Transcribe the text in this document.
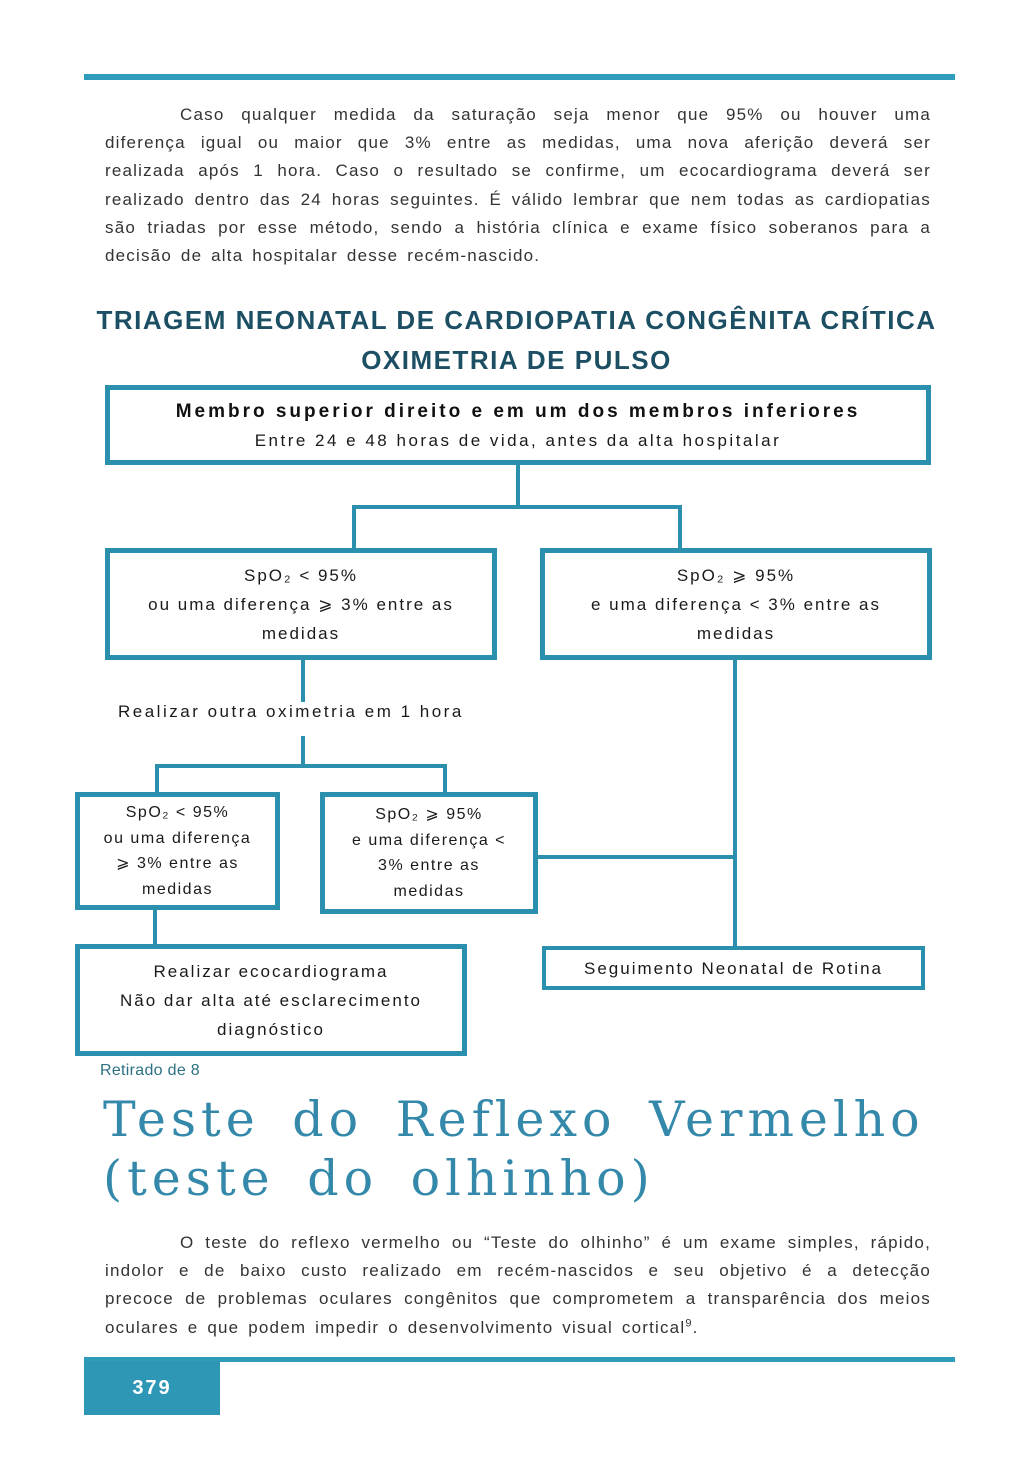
Caso qualquer medida da saturação seja menor que 95% ou houver uma diferença igual ou maior que 3% entre as medidas, uma nova aferição deverá ser realizada após 1 hora. Caso o resultado se confirme, um ecocardiograma deverá ser realizado dentro das 24 horas seguintes. É válido lembrar que nem todas as cardiopatias são triadas por esse método, sendo a história clínica e exame físico soberanos para a decisão de alta hospitalar desse recém-nascido.

TRIAGEM NEONATAL DE CARDIOPATIA CONGÊNITA CRÍTICA
OXIMETRIA DE PULSO
Membro superior direito e em um dos membros inferiores
Entre 24 e 48 horas de vida, antes da alta hospitalar
SpO₂ < 95%
ou uma diferença ⩾ 3% entre as
medidas
SpO₂ ⩾ 95%
e uma diferença < 3% entre as
medidas
Realizar outra oximetria em 1 hora
SpO₂ < 95%
ou uma diferença
⩾ 3% entre as
medidas
SpO₂ ⩾ 95%
e uma diferença <
3% entre as
medidas
Realizar ecocardiograma
Não dar alta até esclarecimento
diagnóstico
Seguimento Neonatal de Rotina
Retirado de 8
Teste do Reflexo Vermelho
(teste do olhinho)

O teste do reflexo vermelho ou “Teste do olhinho” é um exame simples, rápido, indolor e de baixo custo realizado em recém-nascidos e seu objetivo é a detecção precoce de problemas oculares congênitos que comprometem a transparência dos meios oculares e que podem impedir o desenvolvimento visual cortical$^9$.

379
